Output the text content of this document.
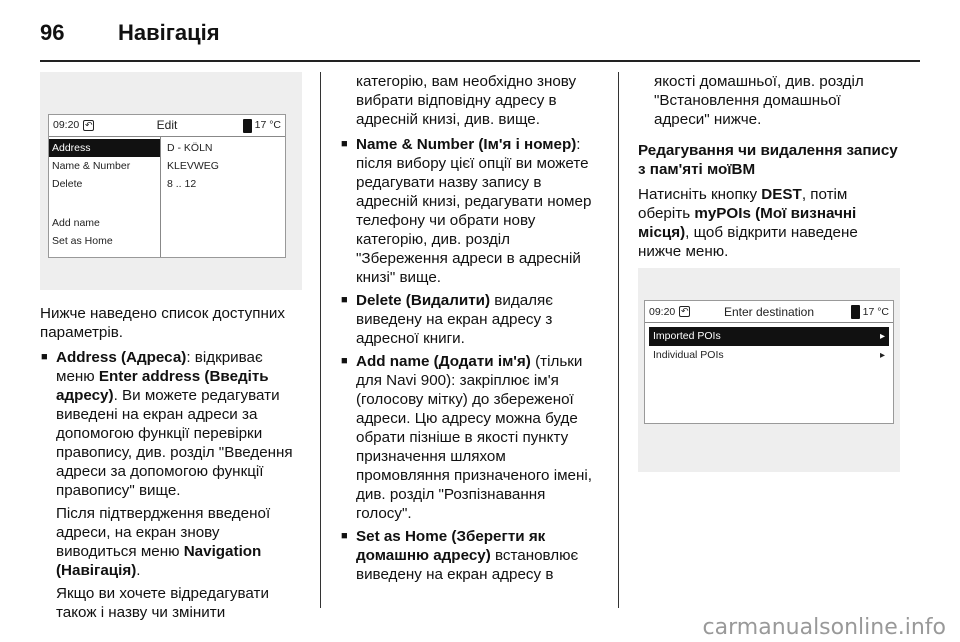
96 Навігація
09:20 ↶	Edit	17 °C
Address
Name & Number
Delete
Add name
Set as Home
D - KÖLN
KLEVWEG
8 .. 12

Нижче наведено список доступних параметрів.

■ Address (Адреса): відкриває меню Enter address (Введіть адресу). Ви можете редагувати виведені на екран адреси за допомогою функції перевірки правопису, див. розділ "Введення адреси за допомогою функції правопису" вище.
Після підтвердження введеної адреси, на екран знову виводиться меню Navigation (Навігація).
Якщо ви хочете відредагувати також і назву чи змінити
категорію, вам необхідно знову вибрати відповідну адресу в адресній книзі, див. вище.
■ Name & Number (Ім'я і номер): після вибору цієї опції ви можете редагувати назву запису в адресній книзі, редагувати номер телефону чи обрати нову категорію, див. розділ "Збереження адреси в адресній книзі" вище.
■ Delete (Видалити) видаляє виведену на екран адресу з адресної книги.
■ Add name (Додати ім'я) (тільки для Navi 900): закріплює ім'я (голосову мітку) до збереженої адреси. Цю адресу можна буде обрати пізніше в якості пункту призначення шляхом промовляння призначеного імені, див. розділ "Розпізнавання голосу".
■ Set as Home (Зберегти як домашню адресу) встановлює виведену на екран адресу в
якості домашньої, див. розділ "Встановлення домашньої адреси" нижче.

Редагування чи видалення запису з пам'яті моїВМ

Натисніть кнопку DEST, потім оберіть myPOIs (Мої визначні місця), щоб відкрити наведене нижче меню.

09:20 ↶	Enter destination	17 °C
Imported POIs	▸
Individual POIs	▸
carmanualsonline.info
